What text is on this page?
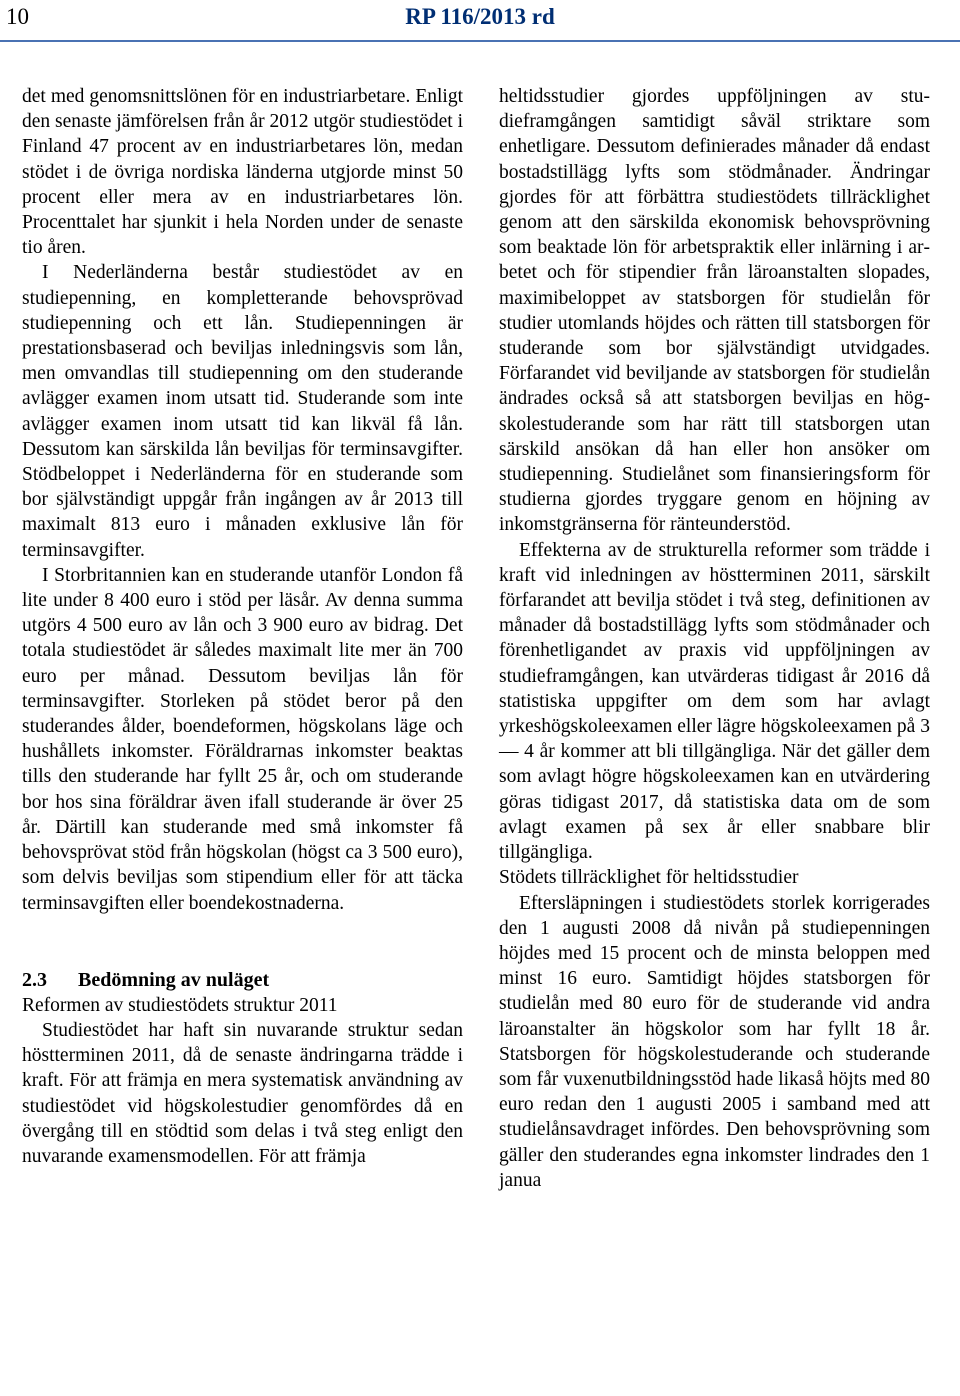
10	RP 116/2013 rd

det med genomsnittslönen för en industriarbetare. Enligt den senaste jämförelsen från år 2012 utgör studiestödet i Finland 47 procent av en industriarbetares lön, medan stödet i de övriga nordiska länderna utgjorde minst 50 procent eller mera av en industriarbetares lön. Procenttalet har sjunkit i hela Norden under de senaste tio åren.

I Nederländerna består studiestödet av en studiepenning, en kompletterande behovsprövad studiepenning och ett lån. Studiepenningen är prestationsbaserad och beviljas inledningsvis som lån, men omvandlas till studiepenning om den studerande avlägger examen inom utsatt tid. Studerande som inte avlägger examen inom utsatt tid kan likväl få lån. Dessutom kan särskilda lån beviljas för terminsavgifter. Stödbeloppet i Nederländerna för en studerande som bor självständigt uppgår från ingången av år 2013 till maximalt 813 euro i månaden exklusive lån för terminsavgifter.

I Storbritannien kan en studerande utanför London få lite under 8 400 euro i stöd per läsår. Av denna summa utgörs 4 500 euro av lån och 3 900 euro av bidrag. Det totala studiestödet är således maximalt lite mer än 700 euro per månad. Dessutom beviljas lån för terminsavgifter. Storleken på stödet beror på den studerandes ålder, boendeformen, högskolans läge och hushållets inkomster. Föräldrarnas inkomster beaktas tills den studerande har fyllt 25 år, och om studerande bor hos sina föräldrar även ifall studerande är över 25 år. Därtill kan studerande med små inkomster få behovsprövat stöd från högskolan (högst ca 3 500 euro), som delvis beviljas som stipendium eller för att täcka terminsavgiften eller boendekostnaderna.

2.3 Bedömning av nuläget

Reformen av studiestödets struktur 2011

Studiestödet har haft sin nuvarande struktur sedan höstterminen 2011, då de senaste ändringarna trädde i kraft. För att främja en mera systematisk användning av studiestödet vid högskolestudier genomfördes då en övergång till en stödtid som delas i två steg enligt den nuvarande examensmodellen. För att främja

heltidsstudier gjordes uppföljningen av studieframgången samtidigt såväl striktare som enhetligare. Dessutom definierades månader då endast bostadstillägg lyfts som stödmånader. Ändringar gjordes för att förbättra studiestödets tillräcklighet genom att den särskilda ekonomisk behovsprövning som beaktade lön för arbetspraktik eller inlärning i arbetet och för stipendier från läroanstalten slopades, maximibeloppet av statsborgen för studielån för studier utomlands höjdes och rätten till statsborgen för studerande som bor självständigt utvidgades. Förfarandet vid beviljande av statsborgen för studielån ändrades också så att statsborgen beviljas en högskolestuderande som har rätt till statsborgen utan särskild ansökan då han eller hon ansöker om studiepenning. Studielånet som finansieringsform för studierna gjordes tryggare genom en höjning av inkomstgränserna för ränteunderstöd.

Effekterna av de strukturella reformer som trädde i kraft vid inledningen av höstterminen 2011, särskilt förfarandet att bevilja stödet i två steg, definitionen av månader då bostadstillägg lyfts som stödmånader och förenhetligandet av praxis vid uppföljningen av studieframgången, kan utvärderas tidigast år 2016 då statistiska uppgifter om dem som har avlagt yrkeshögskoleexamen eller lägre högskoleexamen på 3 — 4 år kommer att bli tillgängliga. När det gäller dem som avlagt högre högskoleexamen kan en utvärdering göras tidigast 2017, då statistiska data om de som avlagt examen på sex år eller snabbare blir tillgängliga.

Stödets tillräcklighet för heltidsstudier

Eftersläpningen i studiestödets storlek korrigerades den 1 augusti 2008 då nivån på studiepenningen höjdes med 15 procent och de minsta beloppen med minst 16 euro. Samtidigt höjdes statsborgen för studielån med 80 euro för de studerande vid andra läroanstalter än högskolor som har fyllt 18 år. Statsborgen för högskolestuderande och studerande som får vuxenutbildningsstöd hade likaså höjts med 80 euro redan den 1 augusti 2005 i samband med att studielånsavdraget infördes. Den behovsprövning som gäller den studerandes egna inkomster lindrades den 1 janua
